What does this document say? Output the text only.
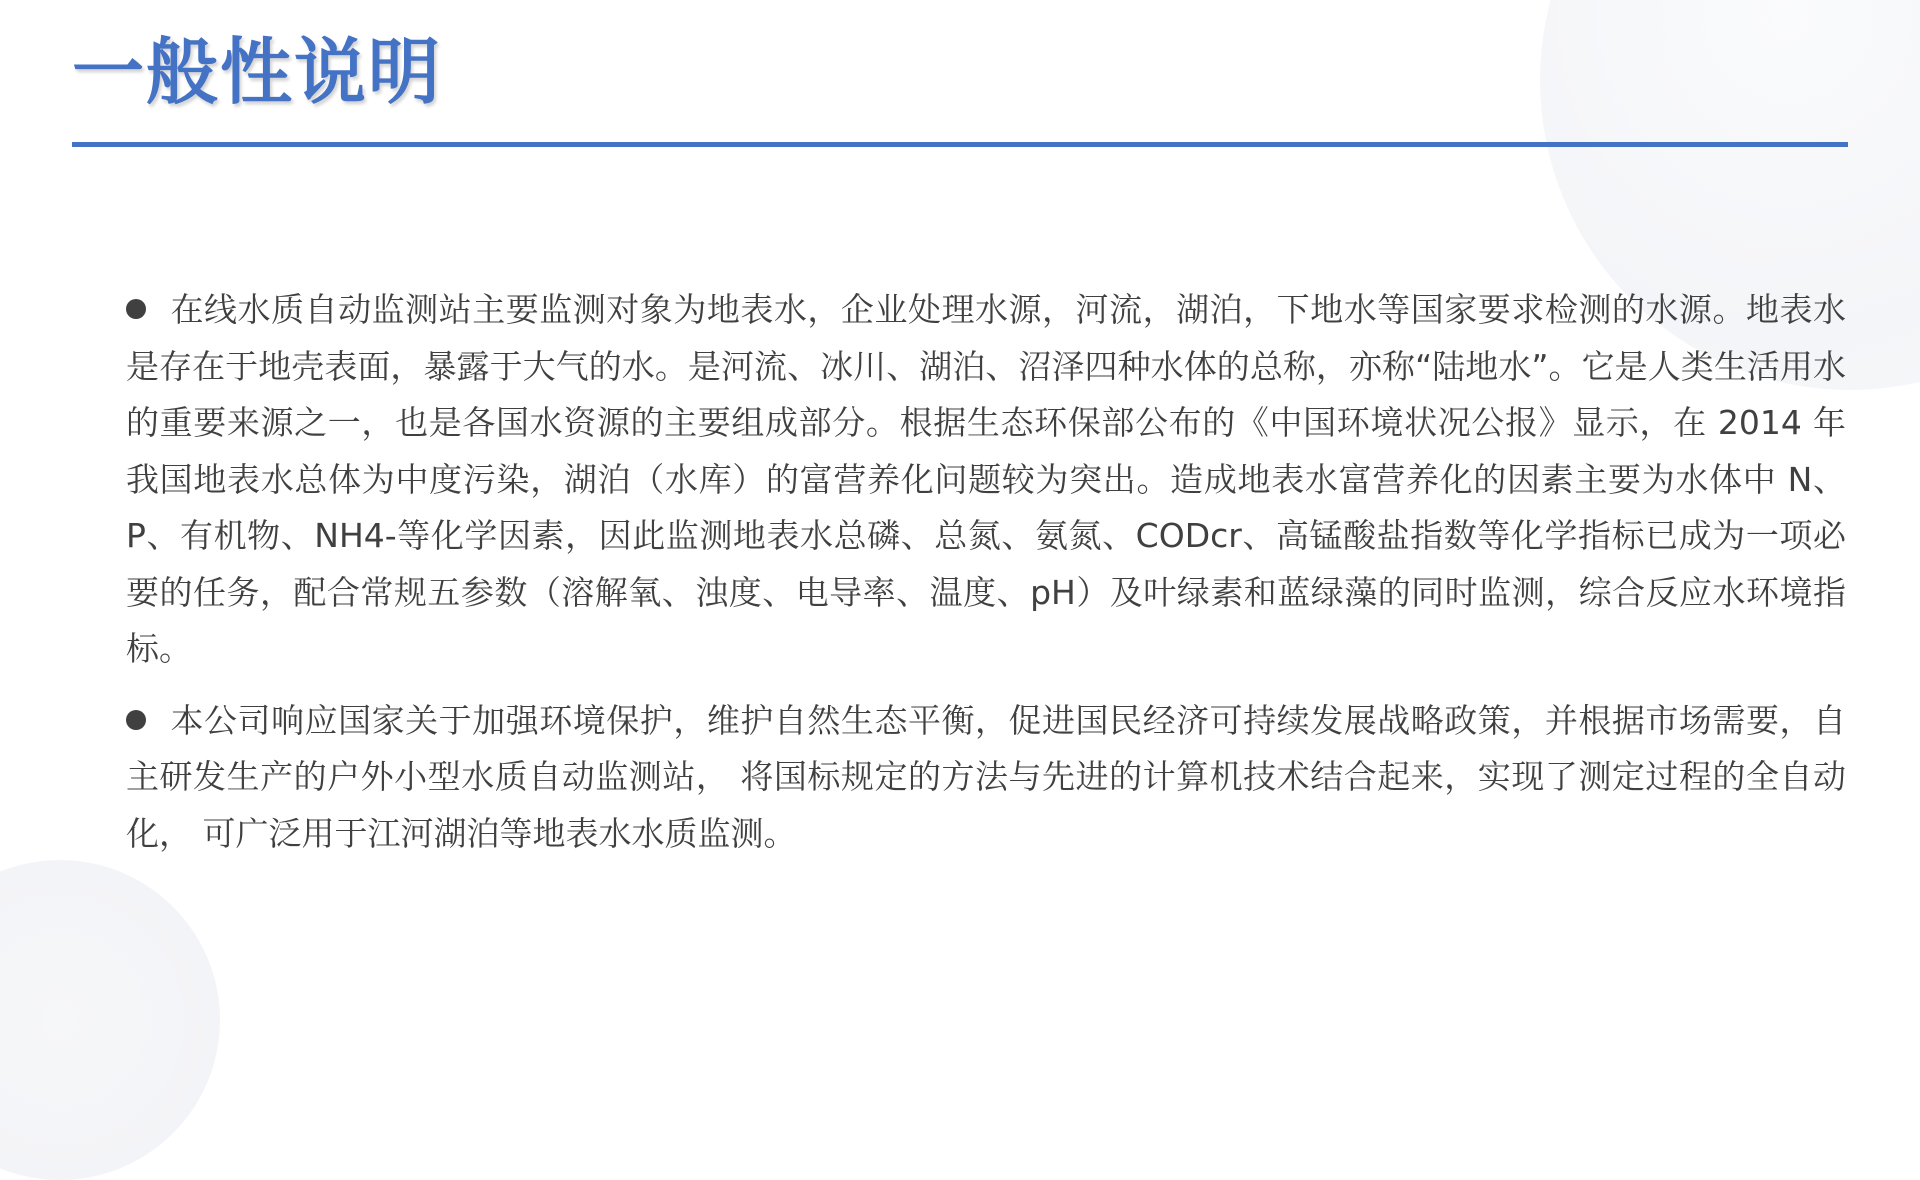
一般性说明

在线水质自动监测站主要监测对象为地表水，企业处理水源，河流，湖泊，下地水等国家要求检测的水源。地表水是存在于地壳表面，暴露于大气的水。是河流、冰川、湖泊、沼泽四种水体的总称，亦称“陆地水”。它是人类生活用水的重要来源之一，也是各国水资源的主要组成部分。根据生态环保部公布的《中国环境状况公报》显示，在 2014 年我国地表水总体为中度污染，湖泊（水库）的富营养化问题较为突出。造成地表水富营养化的因素主要为水体中 N、P、有机物、NH4-等化学因素，因此监测地表水总磷、总氮、氨氮、CODcr、高锰酸盐指数等化学指标已成为一项必要的任务，配合常规五参数（溶解氧、浊度、电导率、温度、pH）及叶绿素和蓝绿藻的同时监测，综合反应水环境指标。

本公司响应国家关于加强环境保护，维护自然生态平衡，促进国民经济可持续发展战略政策，并根据市场需要，自主研发生产的户外小型水质自动监测站， 将国标规定的方法与先进的计算机技术结合起来，实现了测定过程的全自动化， 可广泛用于江河湖泊等地表水水质监测。
